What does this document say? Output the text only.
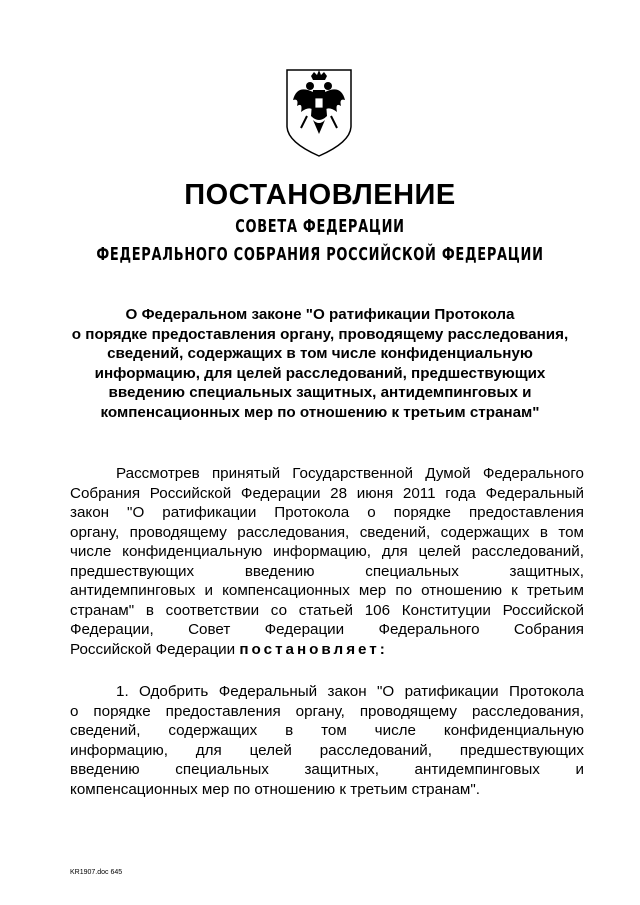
ПОСТАНОВЛЕНИЕ
СОВЕТА ФЕДЕРАЦИИ
ФЕДЕРАЛЬНОГО СОБРАНИЯ РОССИЙСКОЙ ФЕДЕРАЦИИ
О Федеральном законе "О ратификации Протокола
о порядке предоставления органу, проводящему расследования,
сведений, содержащих в том числе конфиденциальную
информацию, для целей расследований, предшествующих
введению специальных защитных, антидемпинговых и
компенсационных мер по отношению к третьим странам"
Рассмотрев принятый Государственной Думой Федерального
Собрания Российской Федерации 28 июня 2011 года Федеральный
закон "О ратификации Протокола о порядке предоставления
органу, проводящему расследования, сведений, содержащих в том
числе конфиденциальную информацию, для целей расследований,
предшествующих введению специальных защитных,
антидемпинговых и компенсационных мер по отношению к третьим
странам" в соответствии со статьей 106 Конституции Российской
Федерации, Совет Федерации Федерального Собрания
Российской Федерации постановляет:
1. Одобрить Федеральный закон "О ратификации Протокола
о порядке предоставления органу, проводящему расследования,
сведений, содержащих в том числе конфиденциальную
информацию, для целей расследований, предшествующих
введению специальных защитных, антидемпинговых и
компенсационных мер по отношению к третьим странам".
KR1907.doc 645
